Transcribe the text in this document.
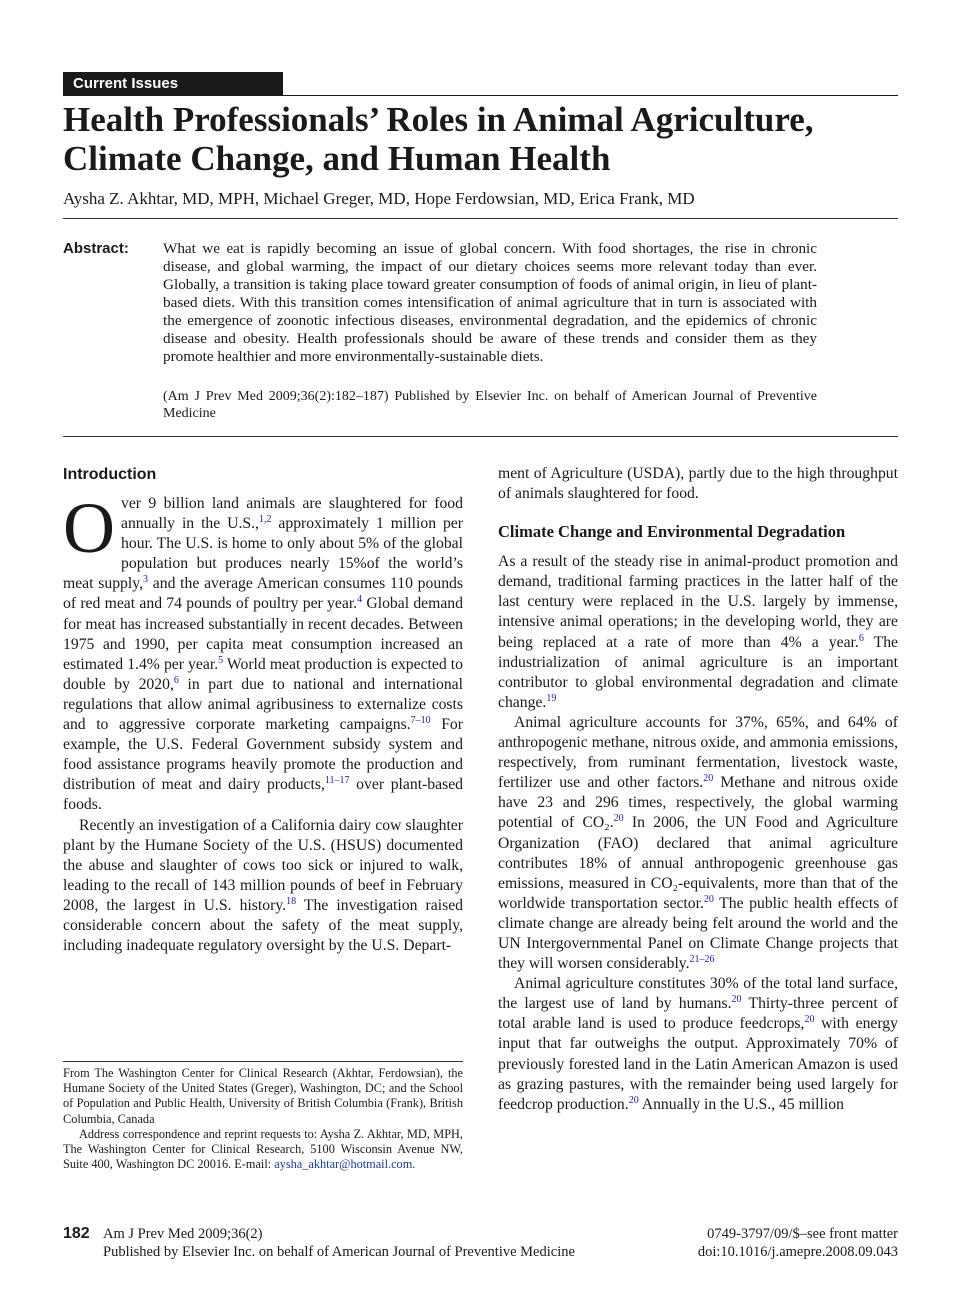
Current Issues
Health Professionals’ Roles in Animal Agriculture,
Climate Change, and Human Health
Aysha Z. Akhtar, MD, MPH, Michael Greger, MD, Hope Ferdowsian, MD, Erica Frank, MD
Abstract: What we eat is rapidly becoming an issue of global concern. With food shortages, the rise in chronic disease, and global warming, the impact of our dietary choices seems more relevant today than ever. Globally, a transition is taking place toward greater consumption of foods of animal origin, in lieu of plant-based diets. With this transition comes intensification of animal agriculture that in turn is associated with the emergence of zoonotic infectious diseases, environmental degradation, and the epidemics of chronic disease and obesity. Health professionals should be aware of these trends and consider them as they promote healthier and more environmentally-sustainable diets.

(Am J Prev Med 2009;36(2):182–187) Published by Elsevier Inc. on behalf of American Journal of Preventive Medicine

Introduction

O ver 9 billion land animals are slaughtered for food annually in the U.S.,$^{1,2}$ approximately 1 million per hour. The U.S. is home to only about 5% of the global population but produces nearly 15%of the world’s meat supply,$^3$ and the average American consumes 110 pounds of red meat and 74 pounds of poultry per year.$^4$ Global demand for meat has increased substantially in recent decades. Between 1975 and 1990, per capita meat consumption increased an estimated 1.4% per year.$^5$ World meat production is expected to double by 2020,$^6$ in part due to national and international regulations that allow animal agribusiness to externalize costs and to aggressive corporate marketing campaigns.$^{7-10}$ For example, the U.S. Federal Government subsidy system and food assistance programs heavily promote the production and distribution of meat and dairy products,$^{11-17}$ over plant-based foods.

Recently an investigation of a California dairy cow slaughter plant by the Humane Society of the U.S. (HSUS) documented the abuse and slaughter of cows too sick or injured to walk, leading to the recall of 143 million pounds of beef in February 2008, the largest in U.S. history.$^{18}$ The investigation raised considerable concern about the safety of the meat supply, including inadequate regulatory oversight by the U.S. Depart-

ment of Agriculture (USDA), partly due to the high throughput of animals slaughtered for food.

Climate Change and Environmental Degradation

As a result of the steady rise in animal-product promotion and demand, traditional farming practices in the latter half of the last century were replaced in the U.S. largely by immense, intensive animal operations; in the developing world, they are being replaced at a rate of more than 4% a year.$^6$ The industrialization of animal agriculture is an important contributor to global environmental degradation and climate change.$^{19}$

Animal agriculture accounts for 37%, 65%, and 64% of anthropogenic methane, nitrous oxide, and ammonia emissions, respectively, from ruminant fermentation, livestock waste, fertilizer use and other factors.$^{20}$ Methane and nitrous oxide have 23 and 296 times, respectively, the global warming potential of CO₂.$^{20}$ In 2006, the UN Food and Agriculture Organization (FAO) declared that animal agriculture contributes 18% of annual anthropogenic greenhouse gas emissions, measured in CO₂-equivalents, more than that of the worldwide transportation sector.$^{20}$ The public health effects of climate change are already being felt around the world and the UN Intergovernmental Panel on Climate Change projects that they will worsen considerably.$^{21-26}$

Animal agriculture constitutes 30% of the total land surface, the largest use of land by humans.$^{20}$ Thirty-three percent of total arable land is used to produce feedcrops,$^{20}$ with energy input that far outweighs the output. Approximately 70% of previously forested land in the Latin American Amazon is used as grazing pastures, with the remainder being used largely for feedcrop production.$^{20}$ Annually in the U.S., 45 million

From The Washington Center for Clinical Research (Akhtar, Ferdowsian), the Humane Society of the United States (Greger), Washington, DC; and the School of Population and Public Health, University of British Columbia (Frank), British Columbia, Canada

Address correspondence and reprint requests to: Aysha Z. Akhtar, MD, MPH, The Washington Center for Clinical Research, 5100 Wisconsin Avenue NW, Suite 400, Washington DC 20016. E-mail: aysha_akhtar@hotmail.com.

182 Am J Prev Med 2009;36(2)
Published by Elsevier Inc. on behalf of American Journal of Preventive Medicine
0749-3797/09/$–see front matter
doi:10.1016/j.amepre.2008.09.043
